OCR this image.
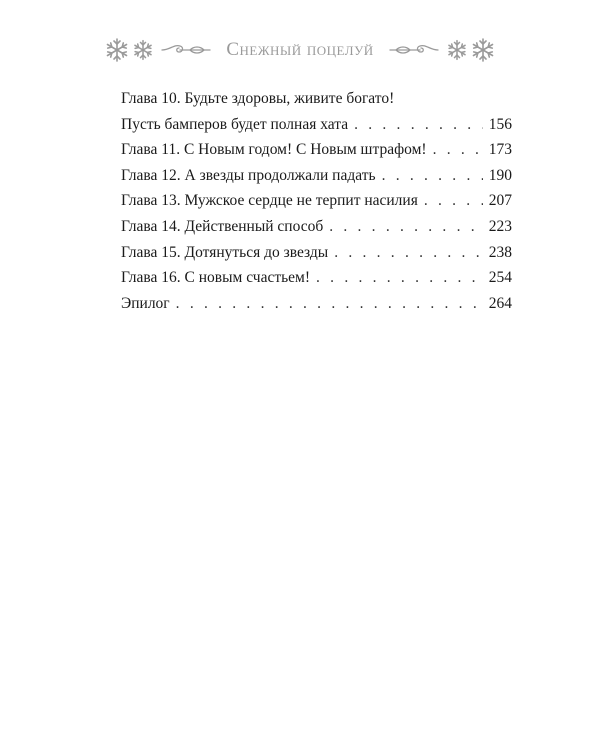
Снежный поцелуй
Глава 10. Будьте здоровы, живите богато!
Пусть бамперов будет полная хата . . .	156
Глава 11. С Новым годом! С Новым штрафом! . . .	173
Глава 12. А звезды продолжали падать . . .	190
Глава 13. Мужское сердце не терпит насилия . . .	207
Глава 14. Действенный способ . . .	223
Глава 15. Дотянуться до звезды . . .	238
Глава 16. С новым счастьем! . . .	254
Эпилог . . .	264
